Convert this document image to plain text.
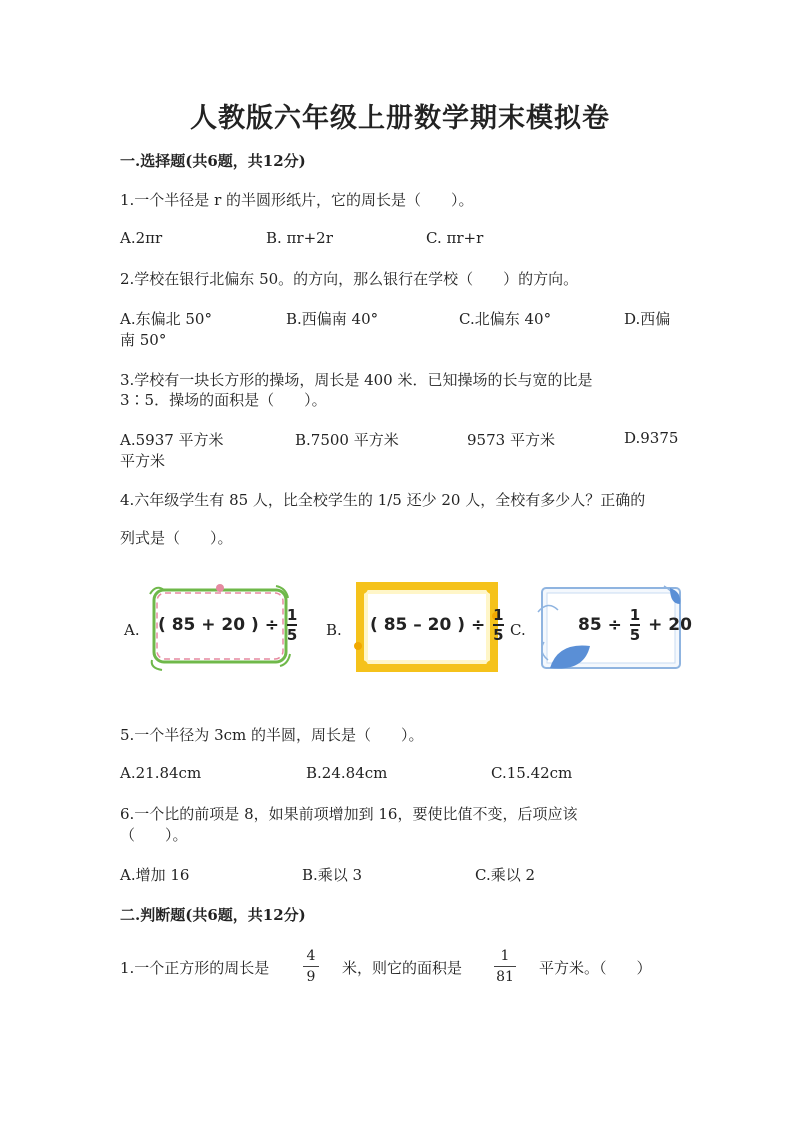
人教版六年级上册数学期末模拟卷
一.选择题(共6题，共12分)
1.一个半径是 r 的半圆形纸片，它的周长是（　　）。
A.2πr	B. πr+2r	C. πr+r
2.学校在银行北偏东 50。的方向，那么银行在学校（　　）的方向。
A.东偏北 50°	B.西偏南 40°	C.北偏东 40°	D.西偏
南 50°
3.学校有一块长方形的操场，周长是 400 米．已知操场的长与宽的比是
3∶5．操场的面积是（　　）。
A.5937 平方米	B.7500 平方米	9573 平方米	D.9375
平方米
4.六年级学生有 85 人，比全校学生的 1/5 还少 20 人，全校有多少人？正确的
列式是（　　）。
A. ( 85 + 20 ) ÷ $\frac{1}{5} B$. ( 85 – 20 ) ÷ $\frac{1}{5} C$.	$85 \div \frac{1}{5} + 20$
5.一个半径为 3cm 的半圆，周长是（　　）。
A.21.84cm	B.24.84cm	C.15.42cm
6.一个比的前项是 8，如果前项增加到 16，要使比值不变，后项应该
（　　）。
A.增加 16	B.乘以 3	C.乘以 2
二.判断题(共6题，共12分)
1.一个正方形的周长是
4
9 米，则它的面积是
1
81 平方米。（　　）
